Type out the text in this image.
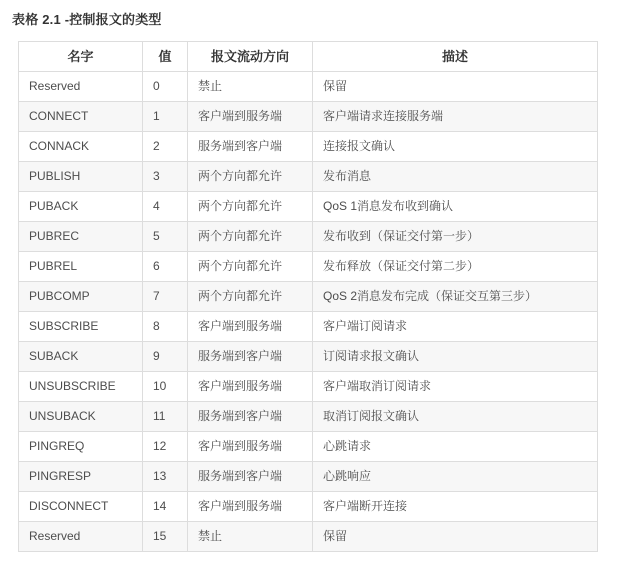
表格 2.1 -控制报文的类型
名字	值	报文流动方向	描述
Reserved	0	禁止	保留
CONNECT	1	客户端到服务端	客户端请求连接服务端
CONNACK	2	服务端到客户端	连接报文确认
PUBLISH	3	两个方向都允许	发布消息
PUBACK	4	两个方向都允许	QoS 1消息发布收到确认
PUBREC	5	两个方向都允许	发布收到（保证交付第一步）
PUBREL	6	两个方向都允许	发布释放（保证交付第二步）
PUBCOMP	7	两个方向都允许	QoS 2消息发布完成（保证交互第三步）
SUBSCRIBE	8	客户端到服务端	客户端订阅请求
SUBACK	9	服务端到客户端	订阅请求报文确认
UNSUBSCRIBE	10	客户端到服务端	客户端取消订阅请求
UNSUBACK	11	服务端到客户端	取消订阅报文确认
PINGREQ	12	客户端到服务端	心跳请求
PINGRESP	13	服务端到客户端	心跳响应
DISCONNECT	14	客户端到服务端	客户端断开连接
Reserved	15	禁止	保留
